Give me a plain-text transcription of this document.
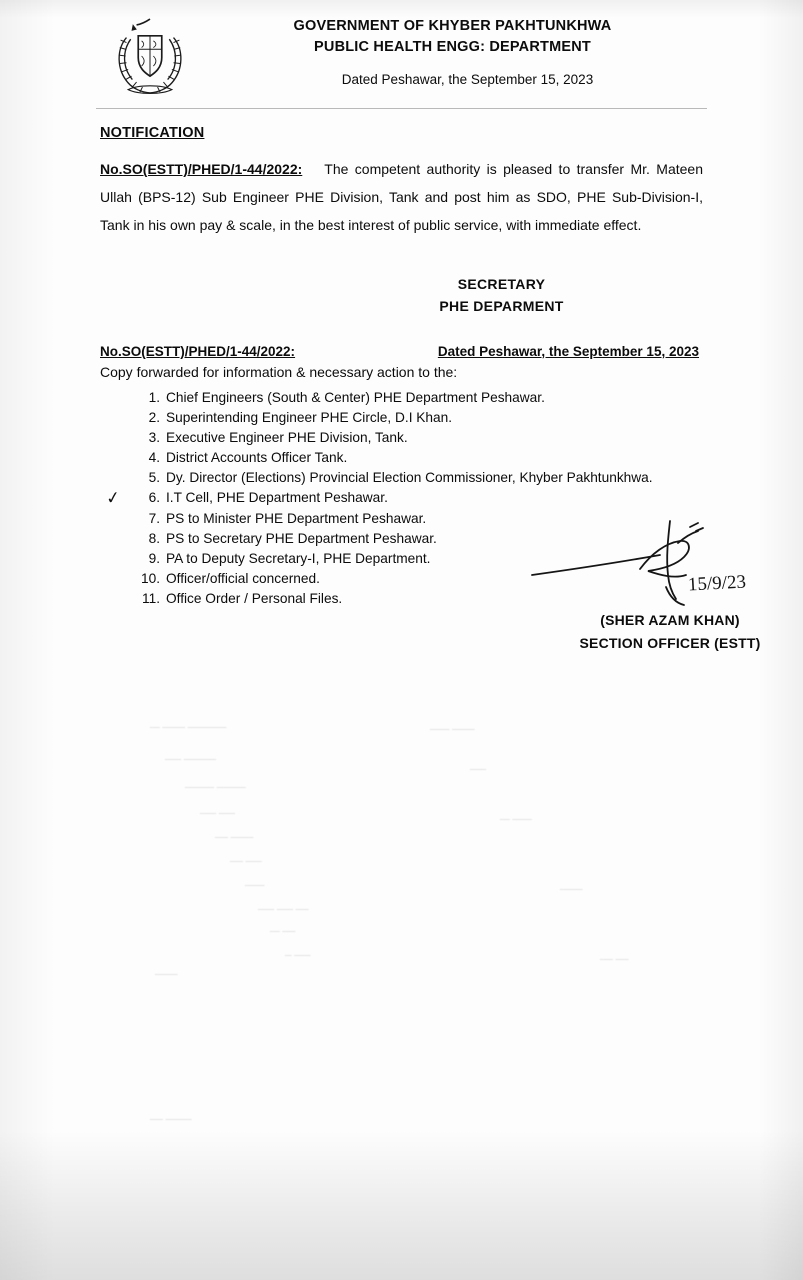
GOVERNMENT OF KHYBER PAKHTUNKHWA
PUBLIC HEALTH ENGG: DEPARTMENT
Dated Peshawar, the September 15, 2023
NOTIFICATION

No.SO(ESTT)/PHED/1-44/2022: The competent authority is pleased to transfer Mr. Mateen Ullah (BPS-12) Sub Engineer PHE Division, Tank and post him as SDO, PHE Sub-Division-I, Tank in his own pay & scale, in the best interest of public service, with immediate effect.

SECRETARY
PHE DEPARMENT
No.SO(ESTT)/PHED/1-44/2022:	Dated Peshawar, the September 15, 2023
Copy forwarded for information & necessary action to the:
Chief Engineers (South & Center) PHE Department Peshawar.
Superintending Engineer PHE Circle, D.I Khan.
Executive Engineer PHE Division, Tank.
District Accounts Officer Tank.
Dy. Director (Elections) Provincial Election Commissioner, Khyber Pakhtunkhwa.
✓	I.T Cell, PHE Department Peshawar.
PS to Minister PHE Department Peshawar.
PS to Secretary PHE Department Peshawar.
PA to Deputy Secretary-I, PHE Department.
Officer/official concerned.
Office Order / Personal Files.
15/9/23
(SHER AZAM KHAN)
SECTION OFFICER (ESTT)
